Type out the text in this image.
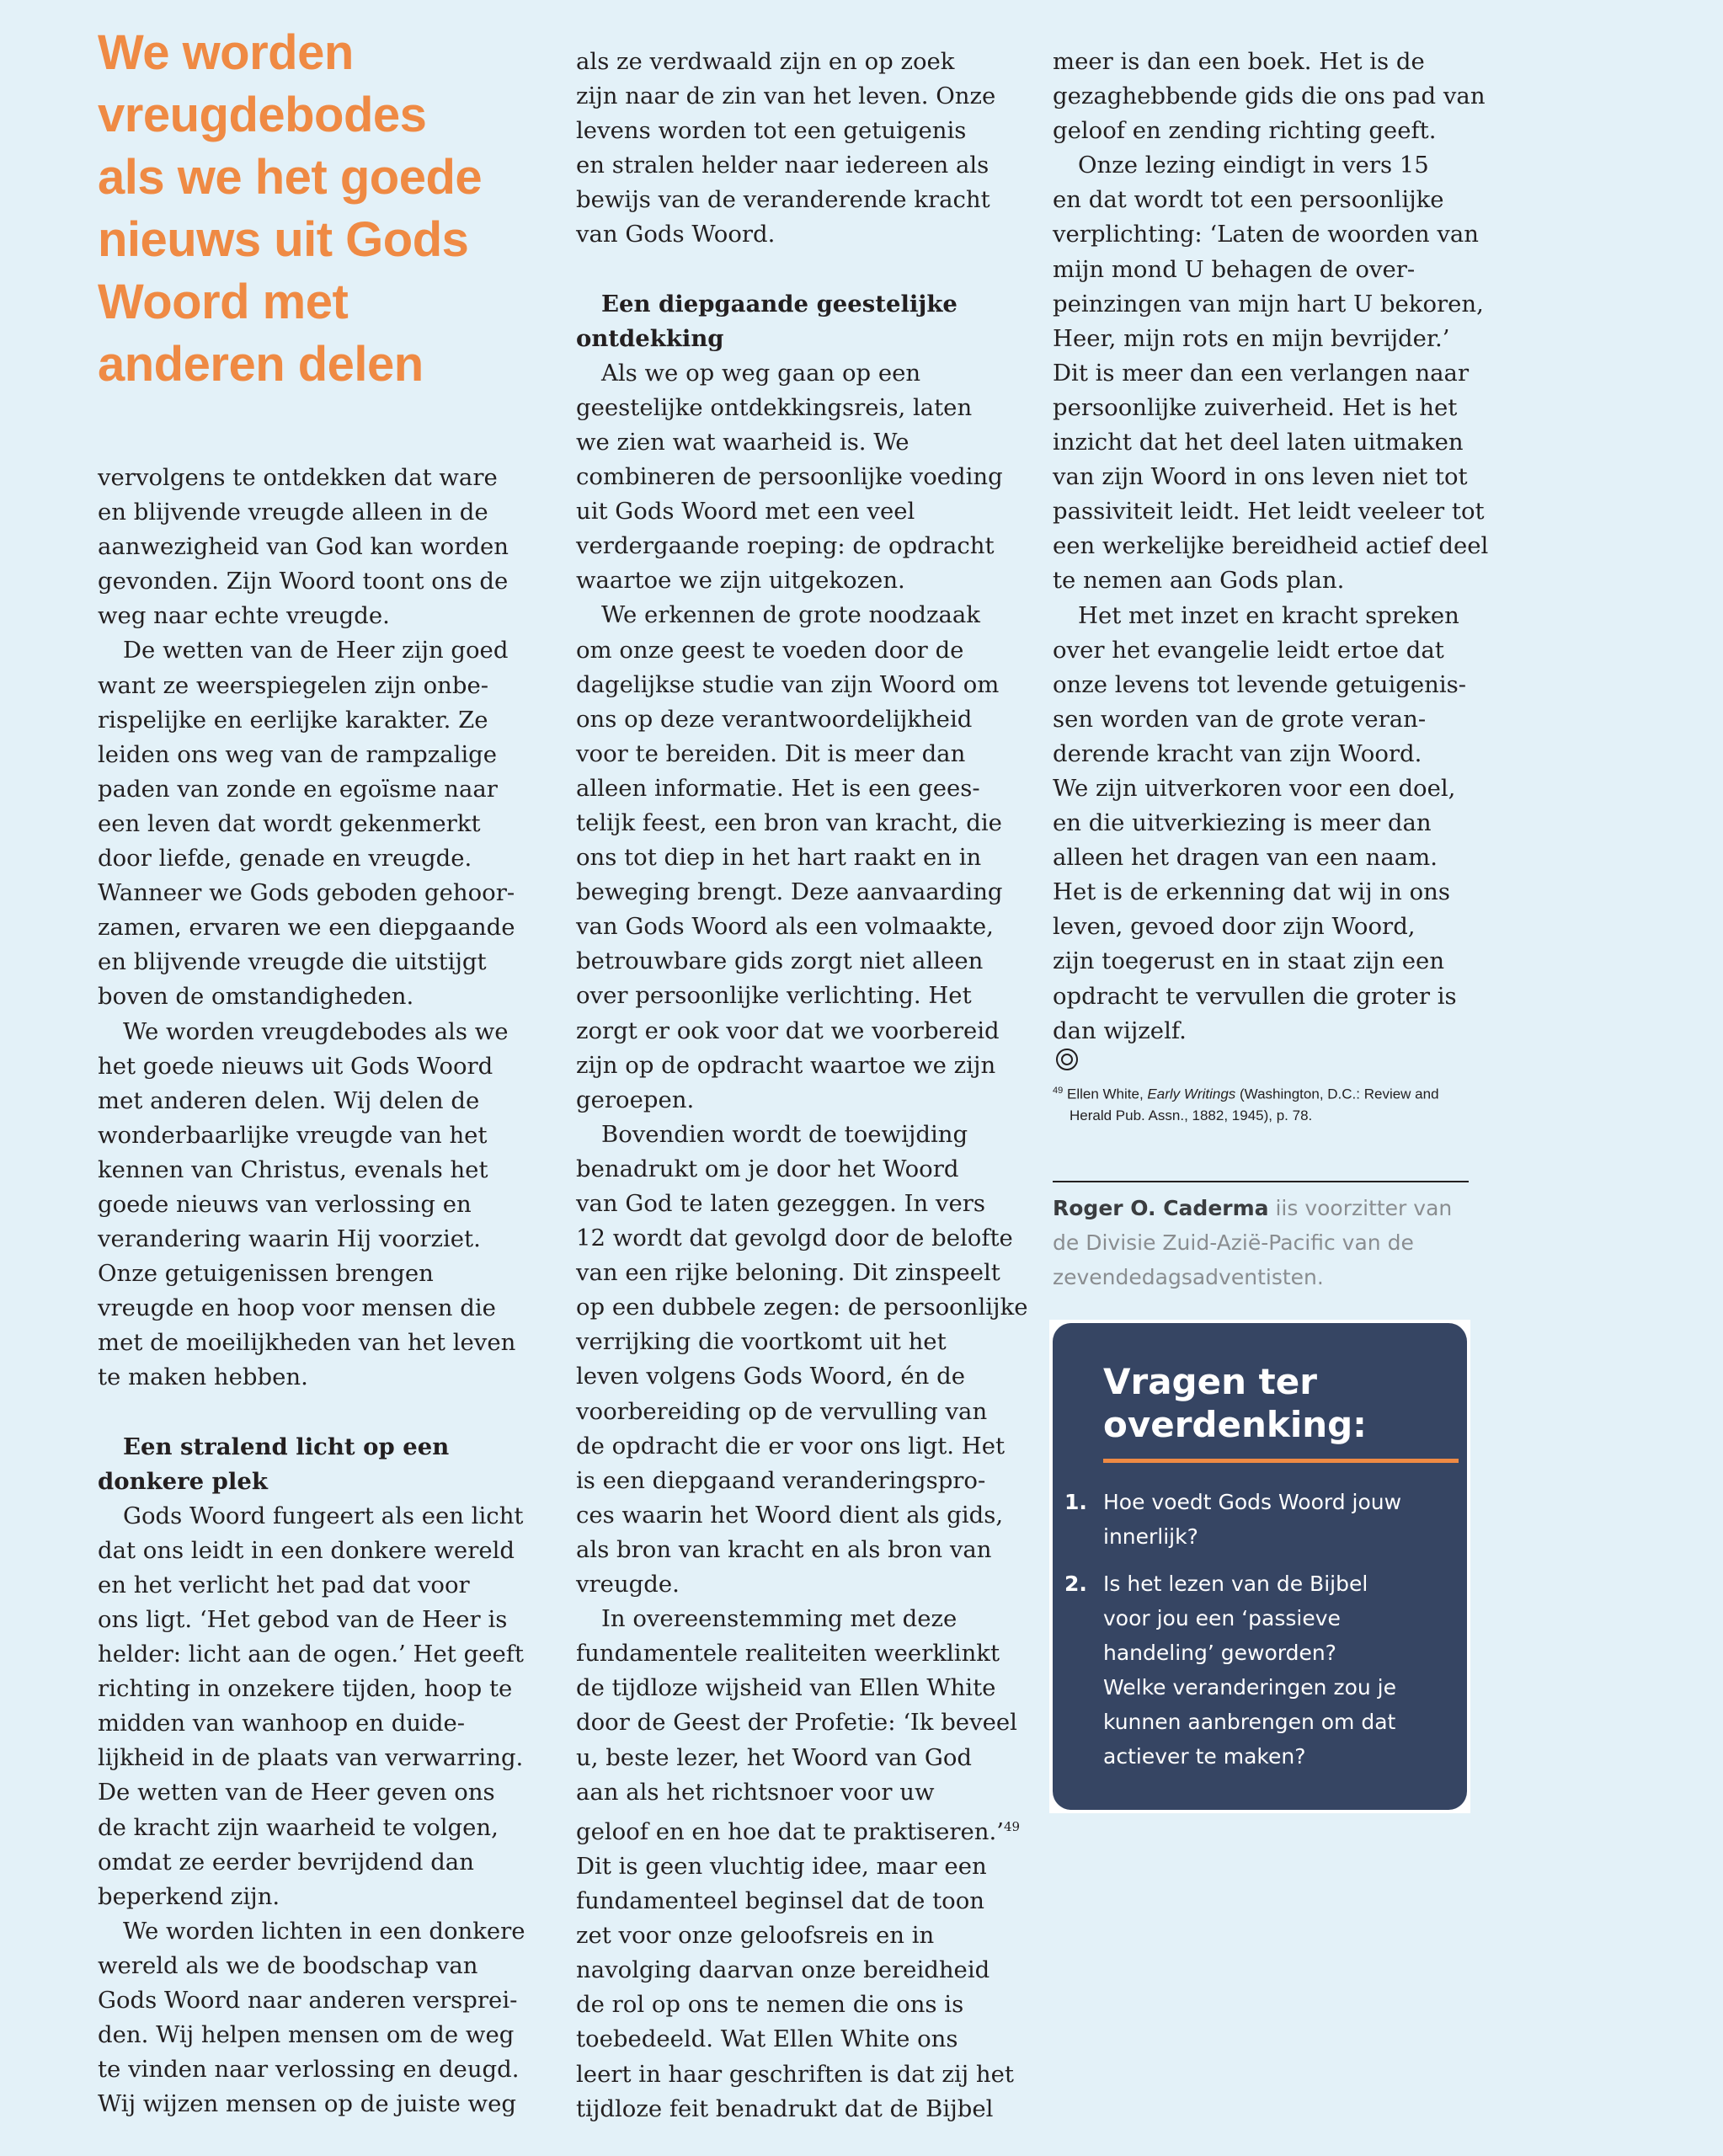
We worden
vreugdebodes
als we het goede
nieuws uit Gods
Woord met
anderen delen
vervolgens te ontdekken dat ware
en blijvende vreugde alleen in de
aanwezigheid van God kan worden
gevonden. Zijn Woord toont ons de
weg naar echte vreugde.
De wetten van de Heer zijn goed
want ze weerspiegelen zijn onbe-
rispelijke en eerlijke karakter. Ze
leiden ons weg van de rampzalige
paden van zonde en egoïsme naar
een leven dat wordt gekenmerkt
door liefde, genade en vreugde.
Wanneer we Gods geboden gehoor-
zamen, ervaren we een diepgaande
en blijvende vreugde die uitstijgt
boven de omstandigheden.
We worden vreugdebodes als we
het goede nieuws uit Gods Woord
met anderen delen. Wij delen de
wonderbaarlijke vreugde van het
kennen van Christus, evenals het
goede nieuws van verlossing en
verandering waarin Hij voorziet.
Onze getuigenissen brengen
vreugde en hoop voor mensen die
met de moeilijkheden van het leven
te maken hebben.
Een stralend licht op een
donkere plek
Gods Woord fungeert als een licht
dat ons leidt in een donkere wereld
en het verlicht het pad dat voor
ons ligt. ‘Het gebod van de Heer is
helder: licht aan de ogen.’ Het geeft
richting in onzekere tijden, hoop te
midden van wanhoop en duide-
lijkheid in de plaats van verwarring.
De wetten van de Heer geven ons
de kracht zijn waarheid te volgen,
omdat ze eerder bevrijdend dan
beperkend zijn.
We worden lichten in een donkere
wereld als we de boodschap van
Gods Woord naar anderen versprei-
den. Wij helpen mensen om de weg
te vinden naar verlossing en deugd.
Wij wijzen mensen op de juiste weg
als ze verdwaald zijn en op zoek
zijn naar de zin van het leven. Onze
levens worden tot een getuigenis
en stralen helder naar iedereen als
bewijs van de veranderende kracht
van Gods Woord.
Een diepgaande geestelijke
ontdekking
Als we op weg gaan op een
geestelijke ontdekkingsreis, laten
we zien wat waarheid is. We
combineren de persoonlijke voeding
uit Gods Woord met een veel
verdergaande roeping: de opdracht
waartoe we zijn uitgekozen.
We erkennen de grote noodzaak
om onze geest te voeden door de
dagelijkse studie van zijn Woord om
ons op deze verantwoordelijkheid
voor te bereiden. Dit is meer dan
alleen informatie. Het is een gees-
telijk feest, een bron van kracht, die
ons tot diep in het hart raakt en in
beweging brengt. Deze aanvaarding
van Gods Woord als een volmaakte,
betrouwbare gids zorgt niet alleen
over persoonlijke verlichting. Het
zorgt er ook voor dat we voorbereid
zijn op de opdracht waartoe we zijn
geroepen.
Bovendien wordt de toewijding
benadrukt om je door het Woord
van God te laten gezeggen. In vers
12 wordt dat gevolgd door de belofte
van een rijke beloning. Dit zinspeelt
op een dubbele zegen: de persoonlijke
verrijking die voortkomt uit het
leven volgens Gods Woord, én de
voorbereiding op de vervulling van
de opdracht die er voor ons ligt. Het
is een diepgaand veranderingspro-
ces waarin het Woord dient als gids,
als bron van kracht en als bron van
vreugde.
In overeenstemming met deze
fundamentele realiteiten weerklinkt
de tijdloze wijsheid van Ellen White
door de Geest der Profetie: ‘Ik beveel
u, beste lezer, het Woord van God
aan als het richtsnoer voor uw
geloof en en hoe dat te praktiseren.’$^{49}$
Dit is geen vluchtig idee, maar een
fundamenteel beginsel dat de toon
zet voor onze geloofsreis en in
navolging daarvan onze bereidheid
de rol op ons te nemen die ons is
toebedeeld. Wat Ellen White ons
leert in haar geschriften is dat zij het
tijdloze feit benadrukt dat de Bijbel
meer is dan een boek. Het is de
gezaghebbende gids die ons pad van
geloof en zending richting geeft.
Onze lezing eindigt in vers 15
en dat wordt tot een persoonlijke
verplichting: ‘Laten de woorden van
mijn mond U behagen de over-
peinzingen van mijn hart U bekoren,
Heer, mijn rots en mijn bevrijder.’
Dit is meer dan een verlangen naar
persoonlijke zuiverheid. Het is het
inzicht dat het deel laten uitmaken
van zijn Woord in ons leven niet tot
passiviteit leidt. Het leidt veeleer tot
een werkelijke bereidheid actief deel
te nemen aan Gods plan.
Het met inzet en kracht spreken
over het evangelie leidt ertoe dat
onze levens tot levende getuigenis-
sen worden van de grote veran-
derende kracht van zijn Woord.
We zijn uitverkoren voor een doel,
en die uitverkiezing is meer dan
alleen het dragen van een naam.
Het is de erkenning dat wij in ons
leven, gevoed door zijn Woord,
zijn toegerust en in staat zijn een
opdracht te vervullen die groter is
dan wijzelf.
$^{49}$ Ellen White, Early Writings (Washington, D.C.: Review and
Herald Pub. Assn., 1882, 1945), p. 78.
Roger O. Caderma iis voorzitter van
de Divisie Zuid-Azië-Pacific van de
zevendedagsadventisten.
Vragen ter
overdenking:
1. Hoe voedt Gods Woord jouw
innerlijk?
2. Is het lezen van de Bijbel
voor jou een ‘passieve
handeling’ geworden?
Welke veranderingen zou je
kunnen aanbrengen om dat
actiever te maken?
